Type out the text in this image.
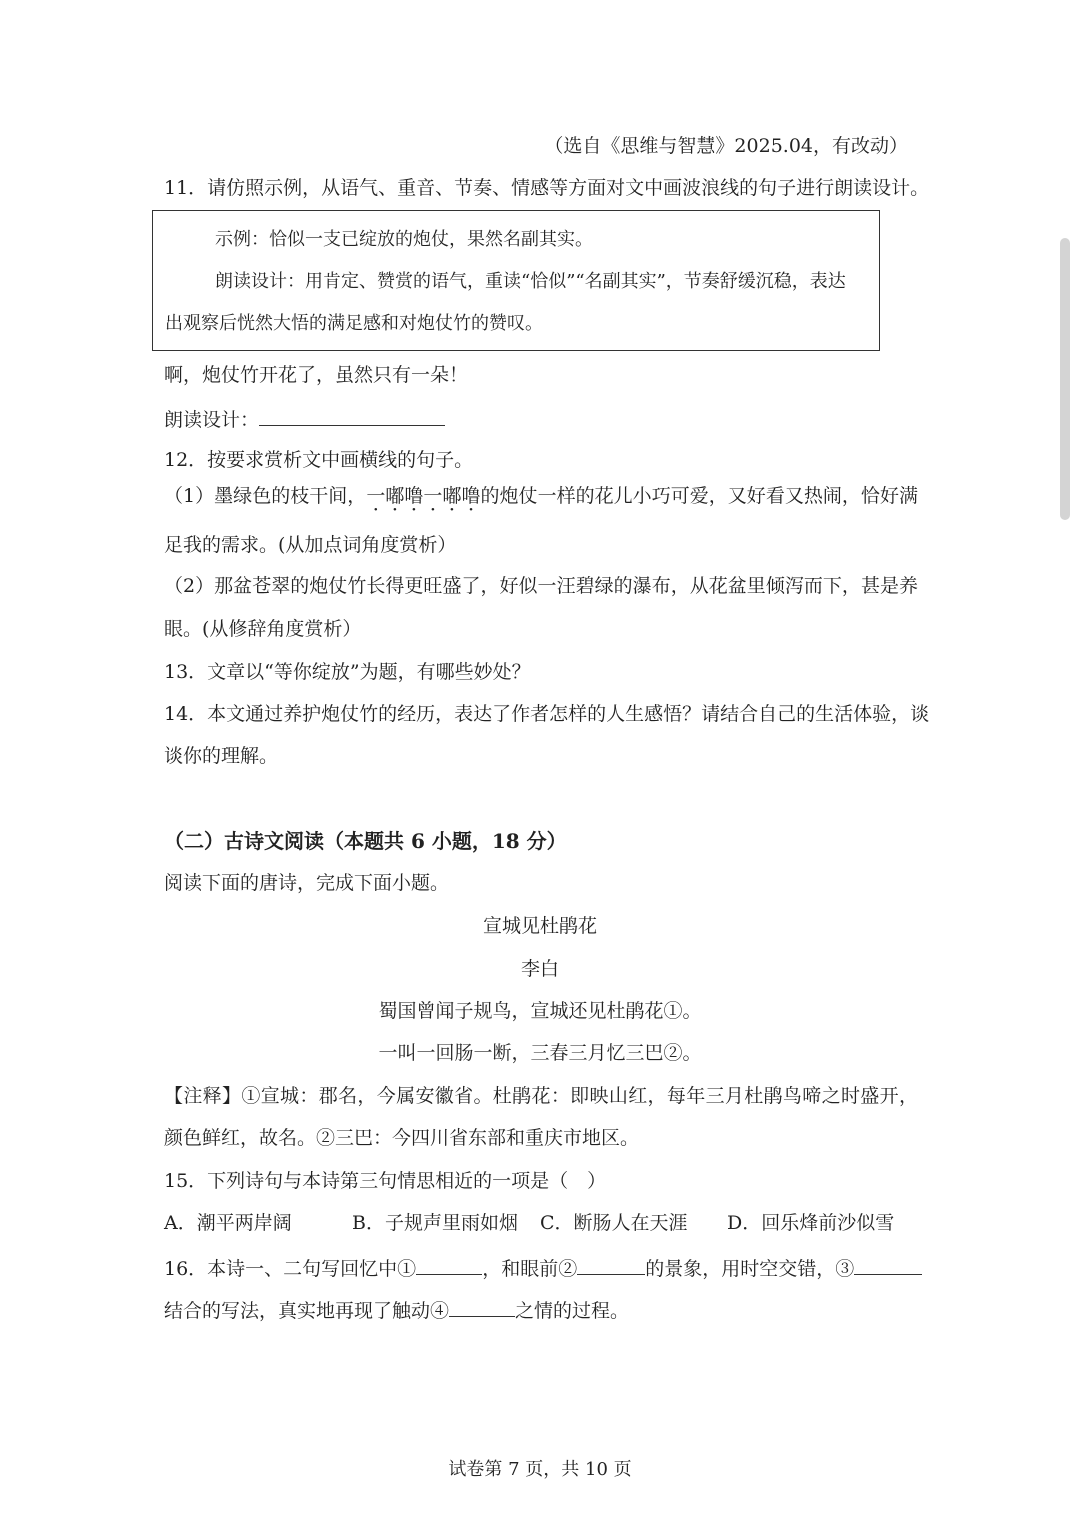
（选自《思维与智慧》2025.04，有改动）
11．请仿照示例，从语气、重音、节奏、情感等方面对文中画波浪线的句子进行朗读设计。
示例：恰似一支已绽放的炮仗，果然名副其实。
朗读设计：用肯定、赞赏的语气，重读“恰似”“名副其实”，节奏舒缓沉稳，表达
出观察后恍然大悟的满足感和对炮仗竹的赞叹。
啊，炮仗竹开花了，虽然只有一朵！
朗读设计：
12．按要求赏析文中画横线的句子。
（1）墨绿色的枝干间，一嘟噜一嘟噜的炮仗一样的花儿小巧可爱，又好看又热闹，恰好满
足我的需求。(从加点词角度赏析）
（2）那盆苍翠的炮仗竹长得更旺盛了，好似一汪碧绿的瀑布，从花盆里倾泻而下，甚是养
眼。(从修辞角度赏析）
13．文章以“等你绽放”为题，有哪些妙处？
14．本文通过养护炮仗竹的经历，表达了作者怎样的人生感悟？请结合自己的生活体验，谈
谈你的理解。
（二）古诗文阅读（本题共 6 小题，18 分）
阅读下面的唐诗，完成下面小题。
宣城见杜鹃花
李白
蜀国曾闻子规鸟，宣城还见杜鹃花①。
一叫一回肠一断，三春三月忆三巴②。
【注释】①宣城：郡名，今属安徽省。杜鹃花：即映山红，每年三月杜鹃鸟啼之时盛开，
颜色鲜红，故名。②三巴：今四川省东部和重庆市地区。
15．下列诗句与本诗第三句情思相近的一项是（　）
A．潮平两岸阔	B．子规声里雨如烟 C．断肠人在天涯 D．回乐烽前沙似雪
16．本诗一、二句写回忆中①	，和眼前②	的景象，用时空交错，③
结合的写法，真实地再现了触动④	之情的过程。
试卷第 7 页，共 10 页
